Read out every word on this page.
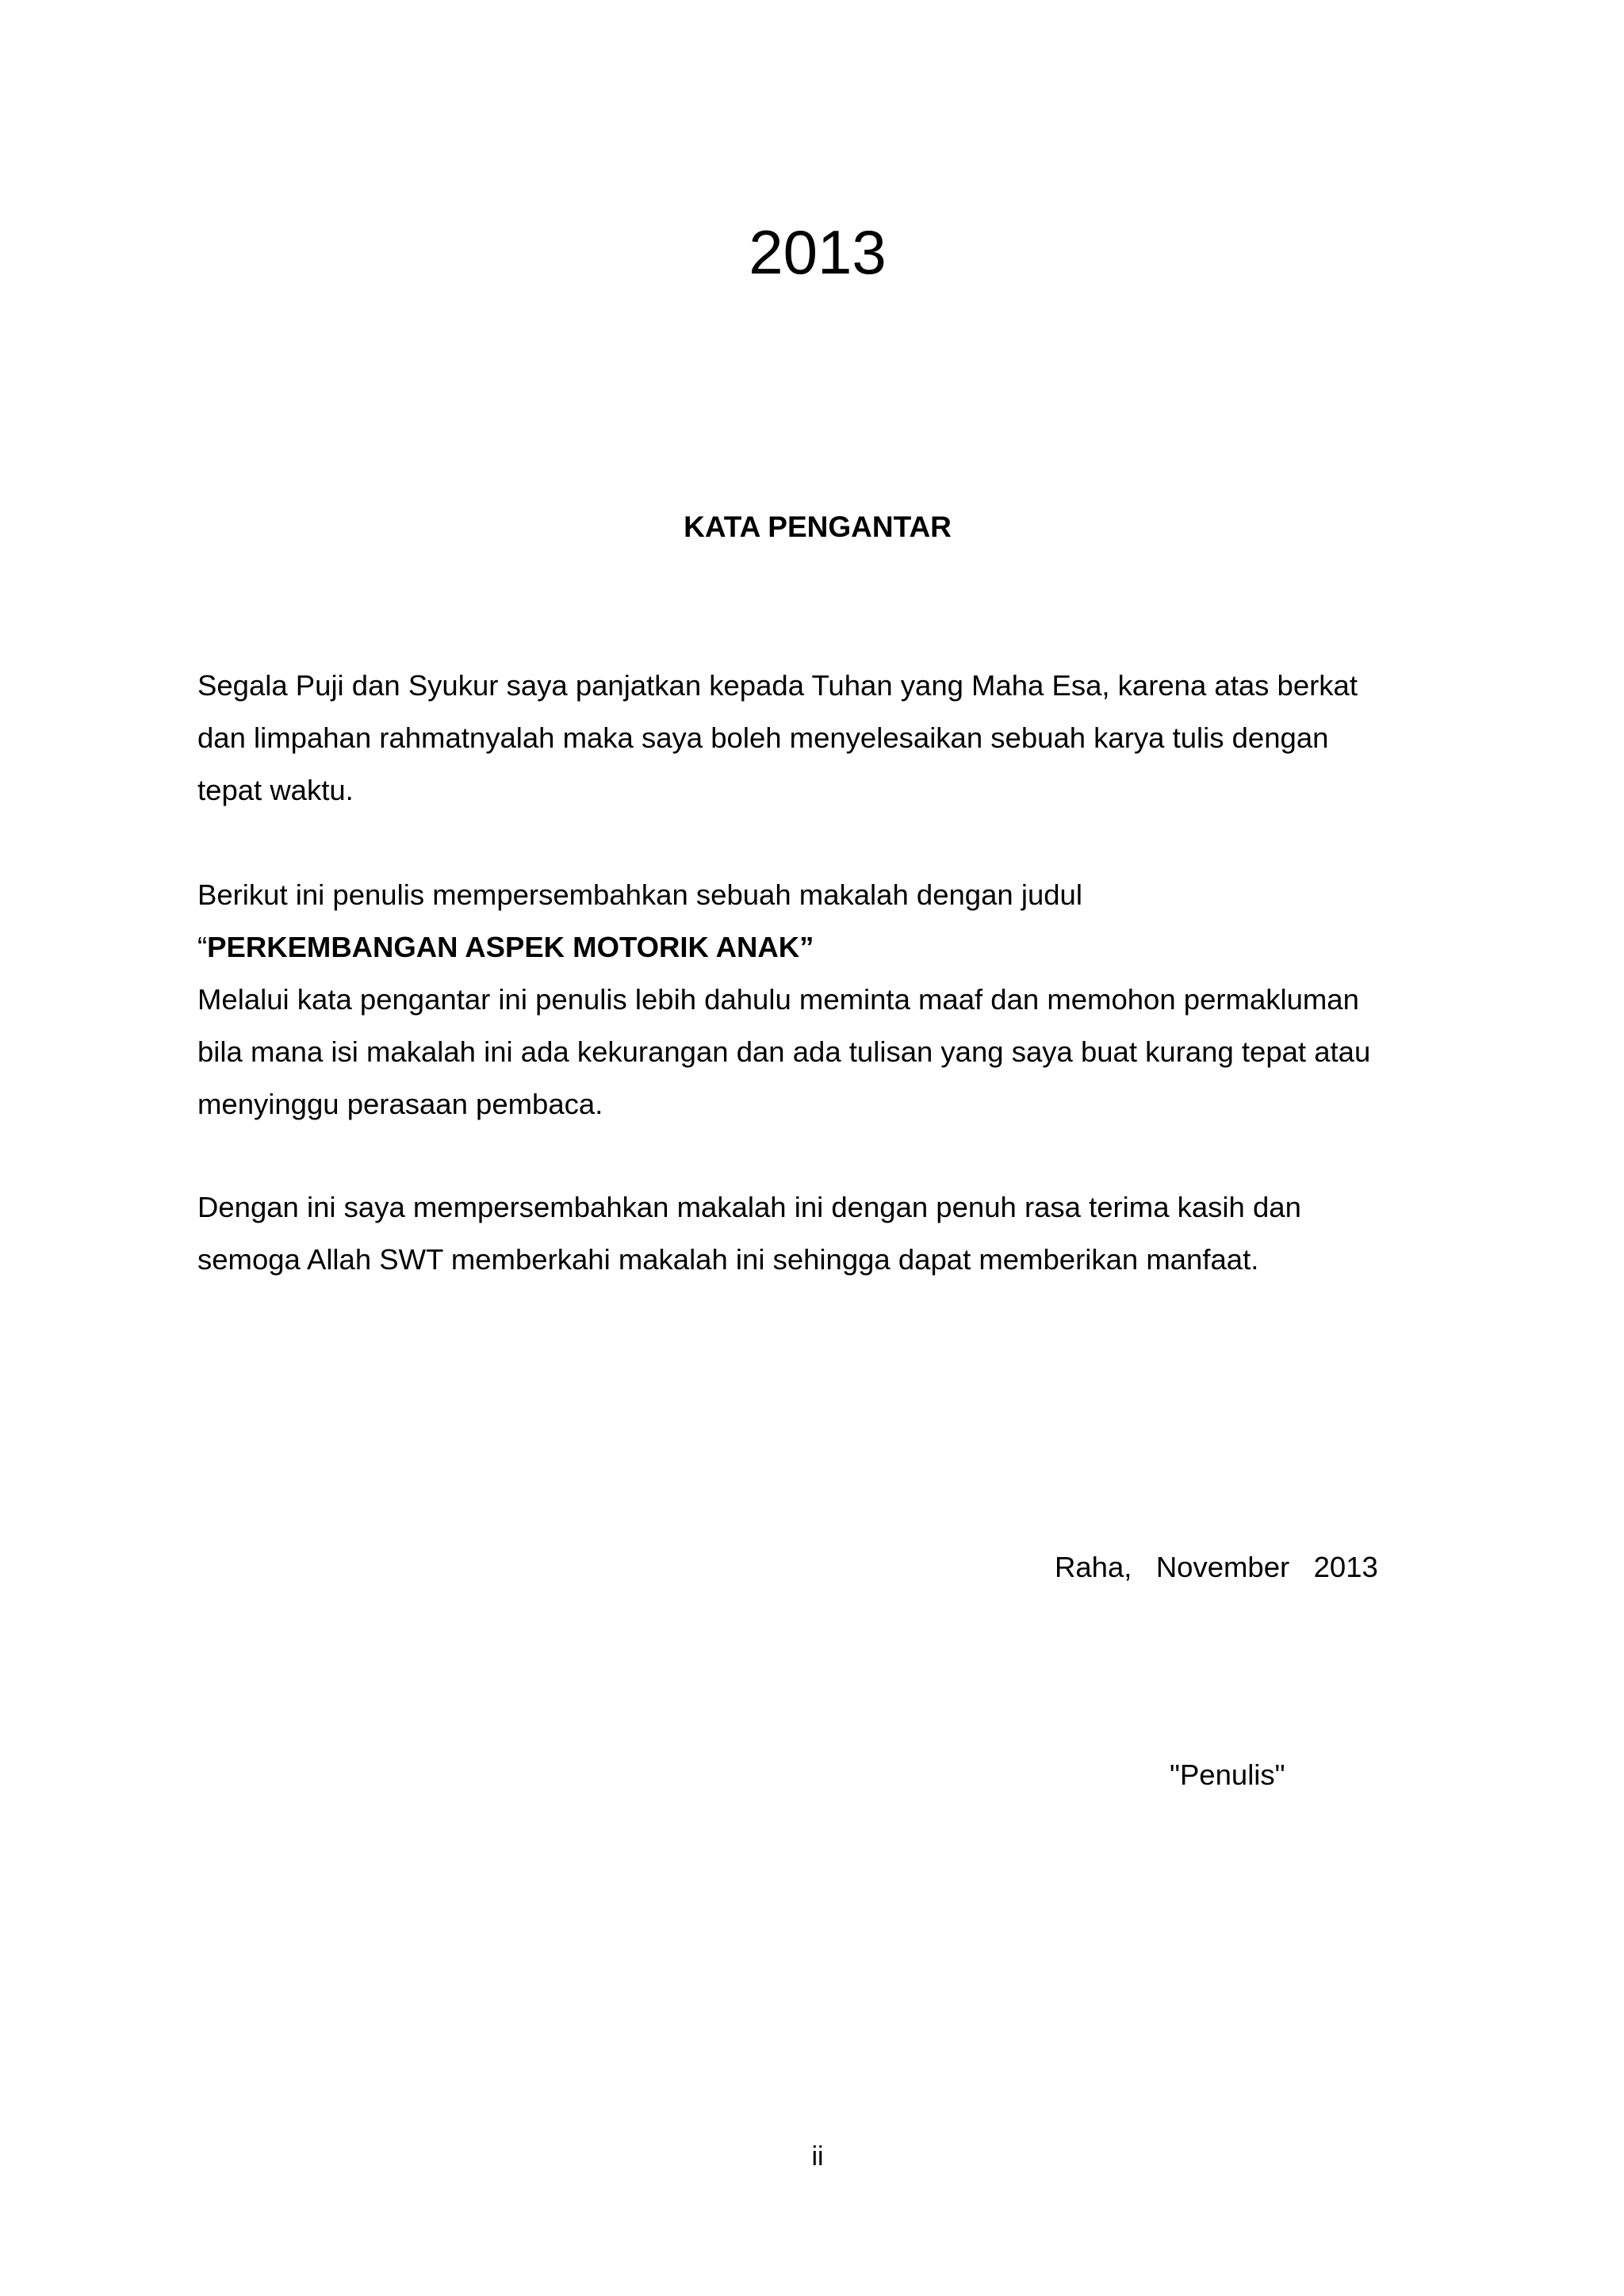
2013
KATA PENGANTAR

Segala Puji dan Syukur saya panjatkan kepada Tuhan yang Maha Esa, karena atas berkat
dan limpahan rahmatnyalah maka saya boleh menyelesaikan sebuah karya tulis dengan
tepat waktu.

Berikut ini penulis mempersembahkan sebuah makalah dengan judul
“PERKEMBANGAN ASPEK MOTORIK ANAK”
Melalui kata pengantar ini penulis lebih dahulu meminta maaf dan memohon permakluman
bila mana isi makalah ini ada kekurangan dan ada tulisan yang saya buat kurang tepat atau
menyinggu perasaan pembaca.

Dengan ini saya mempersembahkan makalah ini dengan penuh rasa terima kasih dan
semoga Allah SWT memberkahi makalah ini sehingga dapat memberikan manfaat.

Raha,   November   2013

"Penulis"

ii
